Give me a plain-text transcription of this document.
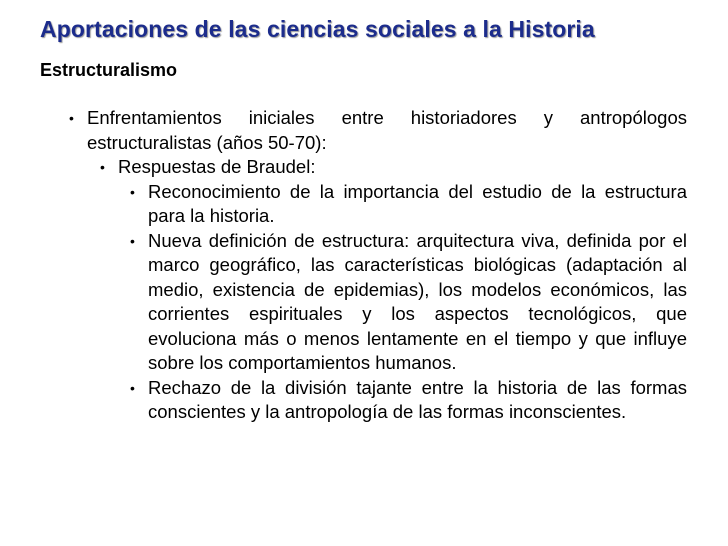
Aportaciones de las ciencias sociales a la Historia
Estructuralismo
• Enfrentamientos iniciales entre historiadores y antropólogos estructuralistas (años 50-70):
• Respuestas de Braudel:
• Reconocimiento de la importancia del estudio de la estructura para la historia.
• Nueva definición de estructura: arquitectura viva, definida por el marco geográfico, las características biológicas (adaptación al medio, existencia de epidemias), los modelos económicos, las corrientes espirituales y los aspectos tecnológicos, que evoluciona más o menos lentamente en el tiempo y que influye sobre los comportamientos humanos.
• Rechazo de la división tajante entre la historia de las formas conscientes y la antropología de las formas inconscientes.
